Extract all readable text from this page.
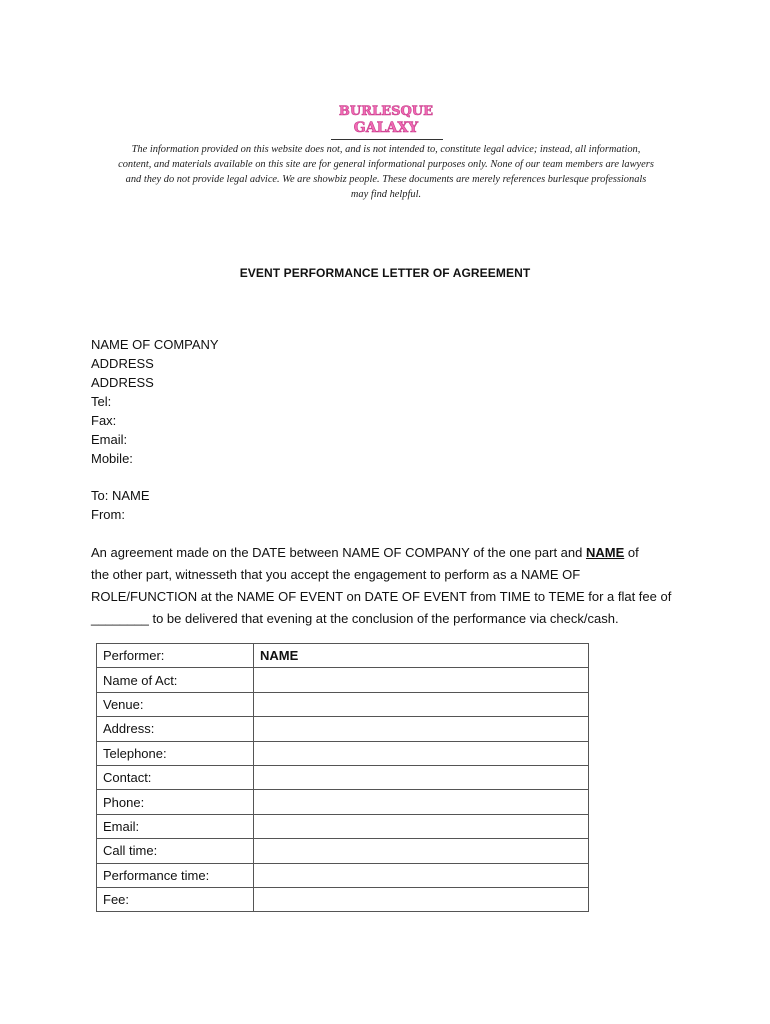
BURLESQUE
GALAXY
The information provided on this website does not, and is not intended to, constitute legal advice; instead, all information,
content, and materials available on this site are for general informational purposes only. None of our team members are lawyers
and they do not provide legal advice. We are showbiz people. These documents are merely references burlesque professionals
may find helpful.
EVENT PERFORMANCE LETTER OF AGREEMENT
NAME OF COMPANY
ADDRESS
ADDRESS
Tel:
Fax:
Email:
Mobile:
To: NAME
From:
An agreement made on the DATE between NAME OF COMPANY of the one part and NAME of
the other part, witnesseth that you accept the engagement to perform as a NAME OF
ROLE/FUNCTION at the NAME OF EVENT on DATE OF EVENT from TIME to TEME for a flat fee of
________ to be delivered that evening at the conclusion of the performance via check/cash.
Performer:	NAME
Name of Act:	
Venue:	
Address:	
Telephone:	
Contact:	
Phone:	
Email:	
Call time:	
Performance time:	
Fee:	
